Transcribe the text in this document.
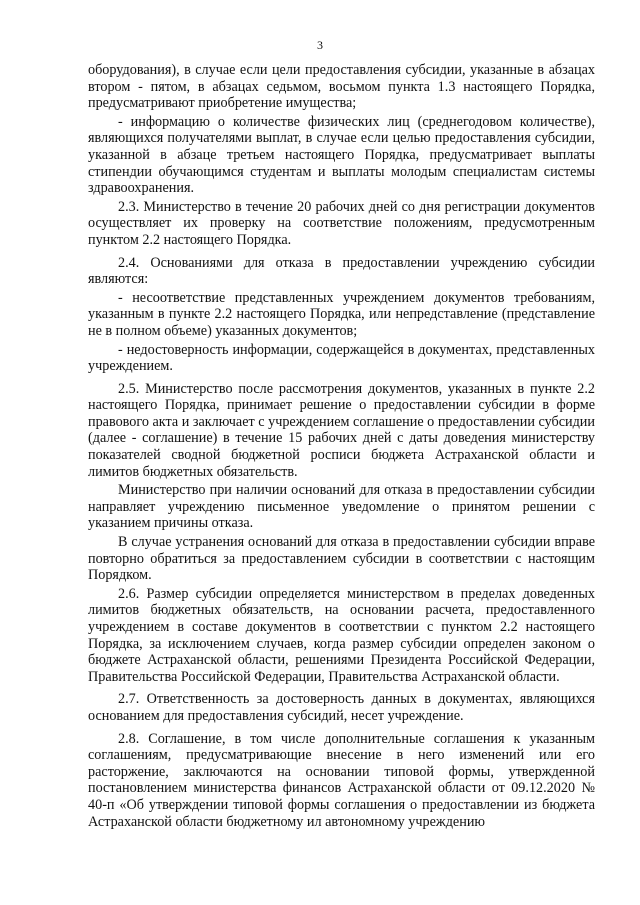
3

оборудования), в случае если цели предоставления субсидии, указанные в абзацах втором - пятом, в абзацах седьмом, восьмом пункта 1.3 настоящего Порядка, предусматривают приобретение имущества;

- информацию о количестве физических лиц (среднегодовом количестве), являющихся получателями выплат, в случае если целью предоставления субсидии, указанной в абзаце третьем настоящего Порядка, предусматривает выплаты стипендии обучающимся студентам и выплаты молодым специалистам системы здравоохранения.

2.3. Министерство в течение 20 рабочих дней со дня регистрации документов осуществляет их проверку на соответствие положениям, предусмотренным пунктом 2.2 настоящего Порядка.

2.4. Основаниями для отказа в предоставлении учреждению субсидии являются:

- несоответствие представленных учреждением документов требованиям, указанным в пункте 2.2 настоящего Порядка, или непредставление (представление не в полном объеме) указанных документов;

- недостоверность информации, содержащейся в документах, представленных учреждением.

2.5. Министерство после рассмотрения документов, указанных в пункте 2.2 настоящего Порядка, принимает решение о предоставлении субсидии в форме правового акта и заключает с учреждением соглашение о предоставлении субсидии (далее - соглашение) в течение 15 рабочих дней с даты доведения министерству показателей сводной бюджетной росписи бюджета Астраханской области и лимитов бюджетных обязательств.

Министерство при наличии оснований для отказа в предоставлении субсидии направляет учреждению письменное уведомление о принятом решении с указанием причины отказа.

В случае устранения оснований для отказа в предоставлении субсидии вправе повторно обратиться за предоставлением субсидии в соответствии с настоящим Порядком.

2.6. Размер субсидии определяется министерством в пределах доведенных лимитов бюджетных обязательств, на основании расчета, предоставленного учреждением в составе документов в соответствии с пунктом 2.2 настоящего Порядка, за исключением случаев, когда размер субсидии определен законом о бюджете Астраханской области, решениями Президента Российской Федерации, Правительства Российской Федерации, Правительства Астраханской области.

2.7. Ответственность за достоверность данных в документах, являющихся основанием для предоставления субсидий, несет учреждение.

2.8. Соглашение, в том числе дополнительные соглашения к указанным соглашениям, предусматривающие внесение в него изменений или его расторжение, заключаются на основании типовой формы, утвержденной постановлением министерства финансов Астраханской области от 09.12.2020 № 40-п «Об утверждении типовой формы соглашения о предоставлении из бюджета Астраханской области бюджетному ил автономному учреждению
